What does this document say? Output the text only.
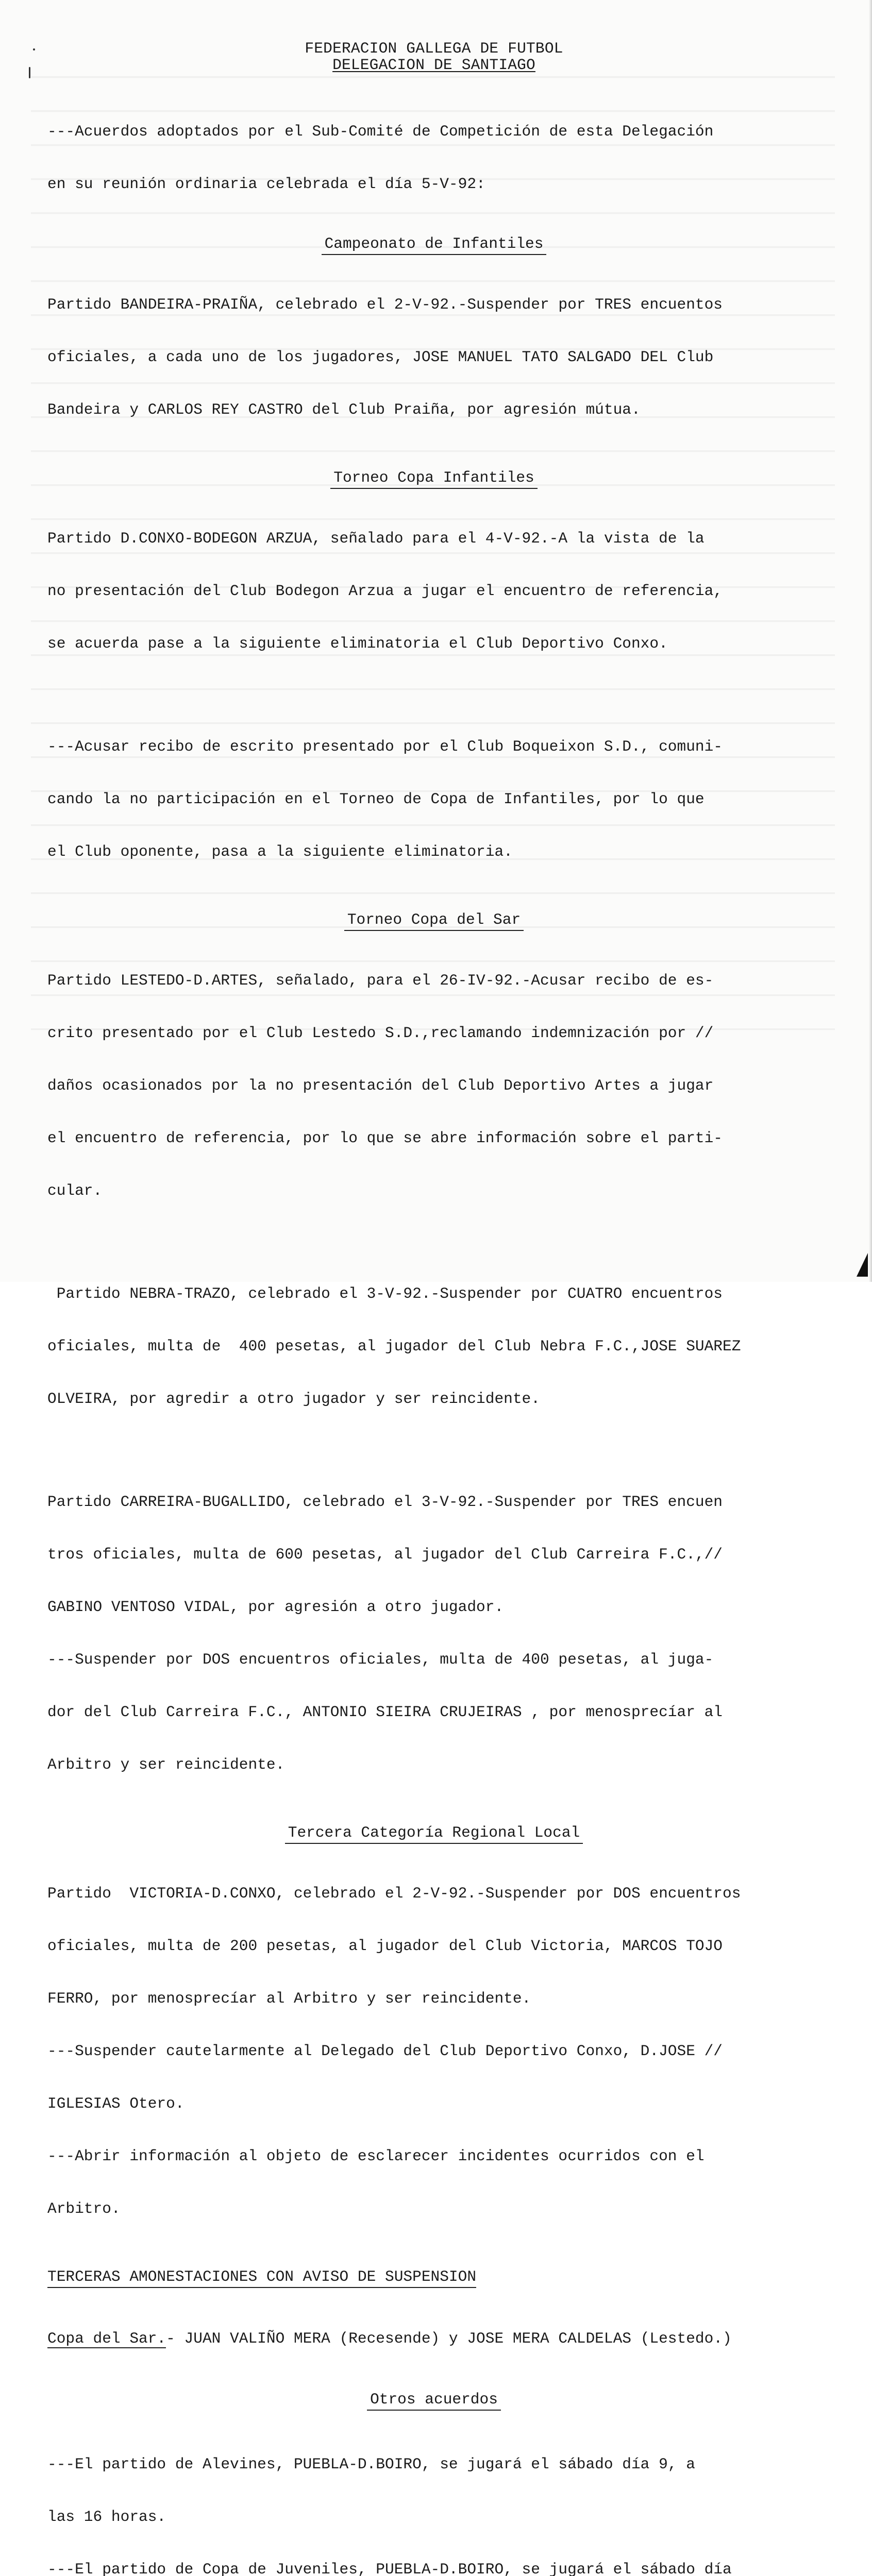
FEDERACION GALLEGA DE FUTBOL
DELEGACION DE SANTIAGO

---Acuerdos adoptados por el Sub-Comité de Competición de esta Delegación

en su reunión ordinaria celebrada el día 5-V-92:

Campeonato de Infantiles

Partido BANDEIRA-PRAIÑA, celebrado el 2-V-92.-Suspender por TRES encuentos

oficiales, a cada uno de los jugadores, JOSE MANUEL TATO SALGADO DEL Club

Bandeira y CARLOS REY CASTRO del Club Praiña, por agresión mútua.

Torneo Copa Infantiles

Partido D.CONXO-BODEGON ARZUA, señalado para el 4-V-92.-A la vista de la

no presentación del Club Bodegon Arzua a jugar el encuentro de referencia,

se acuerda pase a la siguiente eliminatoria el Club Deportivo Conxo.

---Acusar recibo de escrito presentado por el Club Boqueixon S.D., comuni-

cando la no participación en el Torneo de Copa de Infantiles, por lo que

el Club oponente, pasa a la siguiente eliminatoria.

Torneo Copa del Sar

Partido LESTEDO-D.ARTES, señalado, para el 26-IV-92.-Acusar recibo de es-

crito presentado por el Club Lestedo S.D.,reclamando indemnización por //

daños ocasionados por la no presentación del Club Deportivo Artes a jugar

el encuentro de referencia, por lo que se abre información sobre el parti-

cular.

Partido NEBRA-TRAZO, celebrado el 3-V-92.-Suspender por CUATRO encuentros

oficiales, multa de  400 pesetas, al jugador del Club Nebra F.C.,JOSE SUAREZ

OLVEIRA, por agredir a otro jugador y ser reincidente.

Partido CARREIRA-BUGALLIDO, celebrado el 3-V-92.-Suspender por TRES encuen

tros oficiales, multa de 600 pesetas, al jugador del Club Carreira F.C.,//

GABINO VENTOSO VIDAL, por agresión a otro jugador.

---Suspender por DOS encuentros oficiales, multa de 400 pesetas, al juga-

dor del Club Carreira F.C., ANTONIO SIEIRA CRUJEIRAS , por menosprecíar al

Arbitro y ser reincidente.

Tercera Categoría Regional Local

Partido  VICTORIA-D.CONXO, celebrado el 2-V-92.-Suspender por DOS encuentros

oficiales, multa de 200 pesetas, al jugador del Club Victoria, MARCOS TOJO

FERRO, por menosprecíar al Arbitro y ser reincidente.

---Suspender cautelarmente al Delegado del Club Deportivo Conxo, D.JOSE //

IGLESIAS Otero.

---Abrir información al objeto de esclarecer incidentes ocurridos con el

Arbitro.

TERCERAS AMONESTACIONES CON AVISO DE SUSPENSION

Copa del Sar.- JUAN VALIÑO MERA (Recesende) y JOSE MERA CALDELAS (Lestedo.)

Otros acuerdos

---El partido de Alevines, PUEBLA-D.BOIRO, se jugará el sábado día 9, a

las 16 horas.

---El partido de Copa de Juveniles, PUEBLA-D.BOIRO, se jugará el sábado día
